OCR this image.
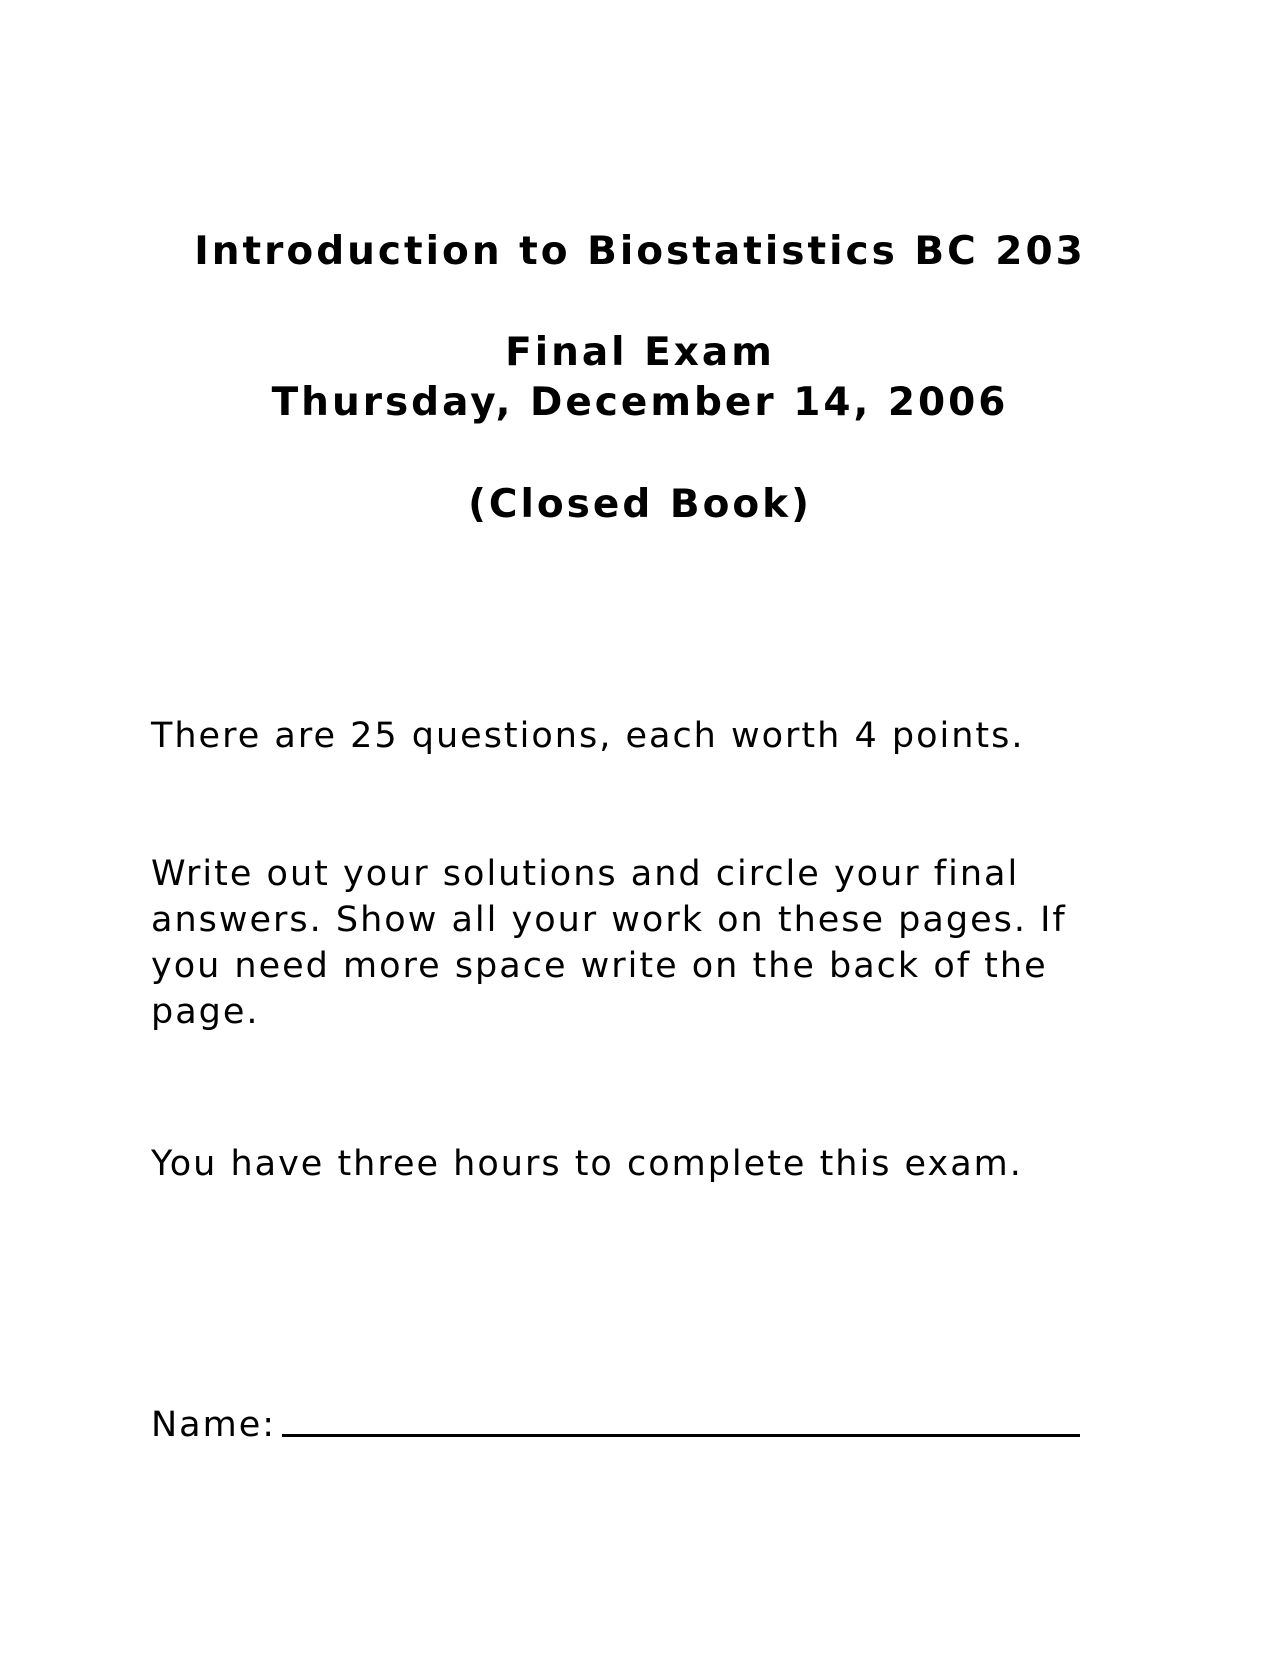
Introduction to Biostatistics BC 203
Final Exam
Thursday, December 14, 2006
(Closed Book)
There are 25 questions, each worth 4 points.
Write out your solutions and circle your final answers. Show all your work on these pages. If you need more space write on the back of the page.
You have three hours to complete this exam.
Name:
